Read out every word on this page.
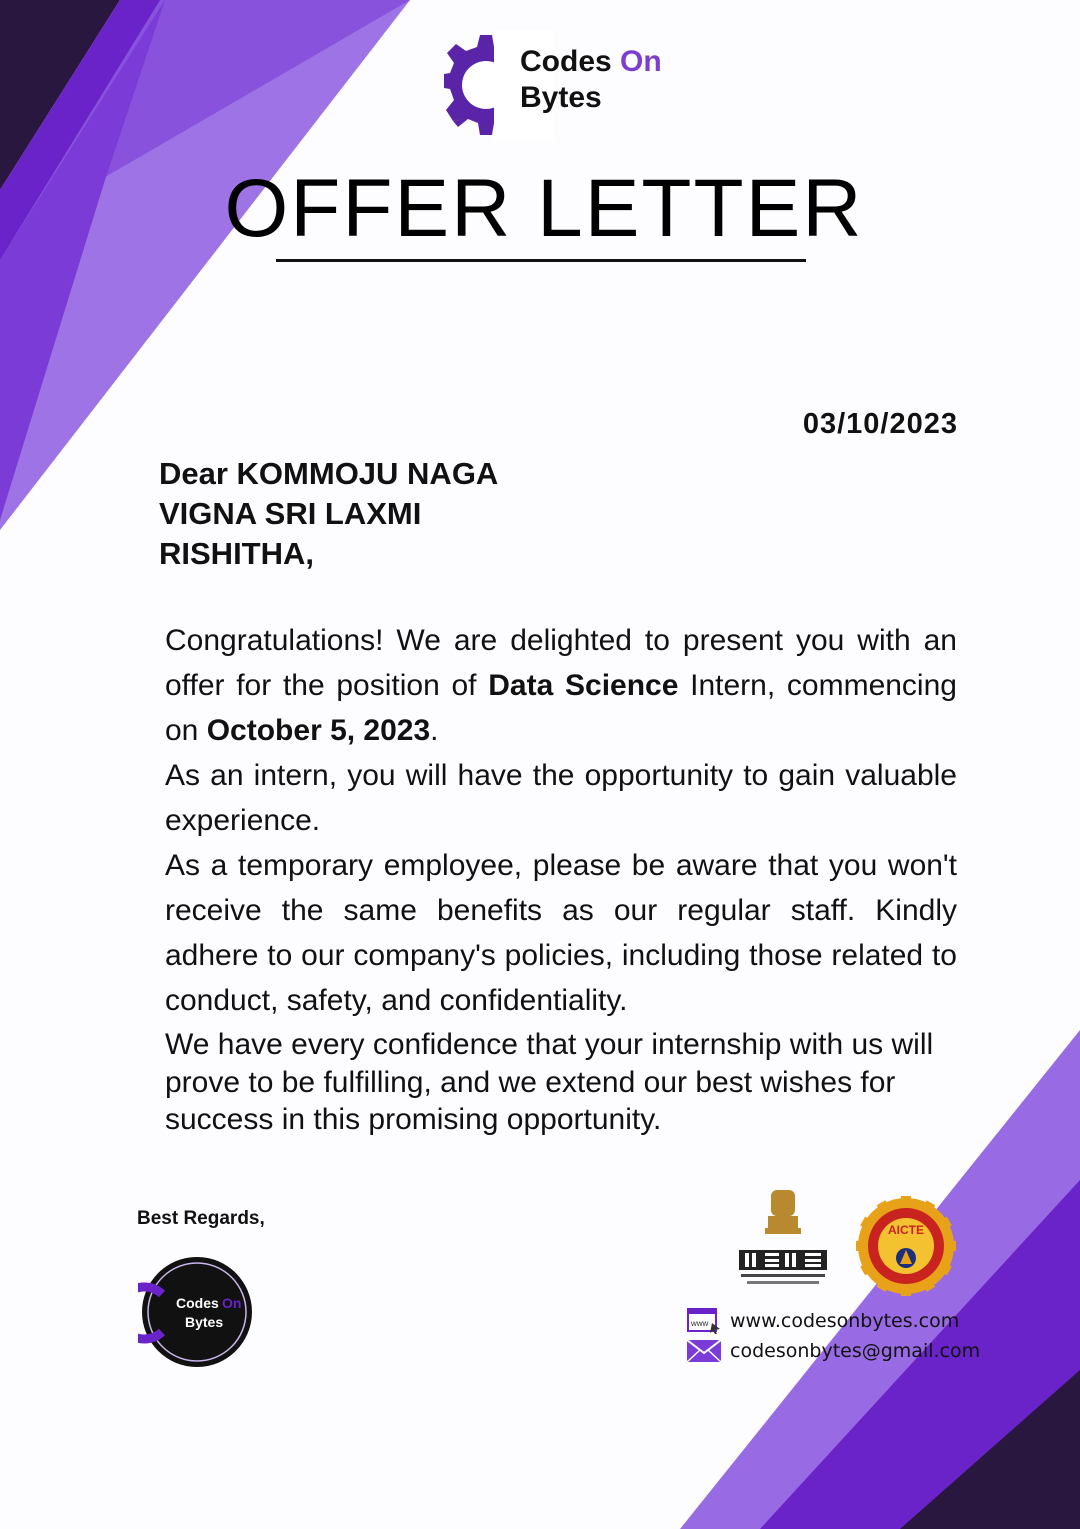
Codes On
Bytes
OFFER LETTER
03/10/2023
Dear KOMMOJU NAGA
VIGNA SRI LAXMI
RISHITHA,

Congratulations! We are delighted to present you with an offer for the position of Data Science Intern, commencing on October 5, 2023.

As an intern, you will have the opportunity to gain valuable experience.

As a temporary employee, please be aware that you won't receive the same benefits as our regular staff. Kindly adhere to our company's policies, including those related to conduct, safety, and confidentiality.

We have every confidence that your internship with us will prove to be fulfilling, and we extend our best wishes for success in this promising opportunity.
Best Regards,
Codes On
Bytes
AICTE
www www.codesonbytes.com
codesonbytes@gmail.com
